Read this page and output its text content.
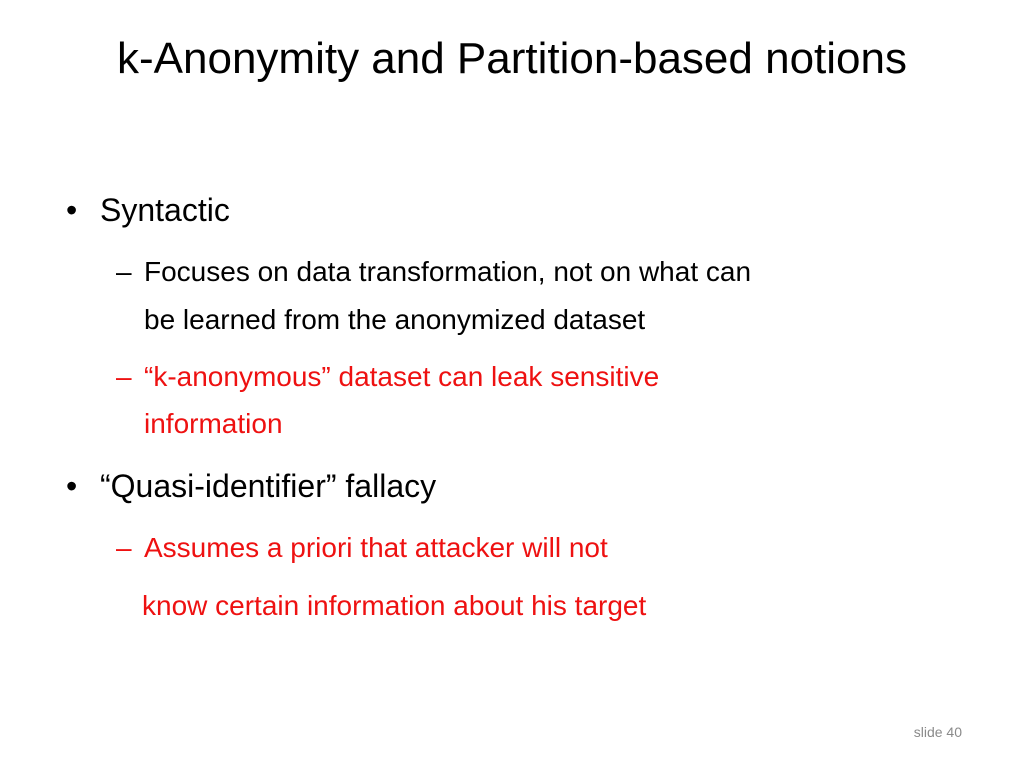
k-Anonymity and Partition-based notions
• Syntactic
– Focuses on data transformation, not on what can
be learned from the anonymized dataset
– “k-anonymous” dataset can leak sensitive
information
• “Quasi-identifier” fallacy
– Assumes a priori that attacker will not
know certain information about his target
slide 40
